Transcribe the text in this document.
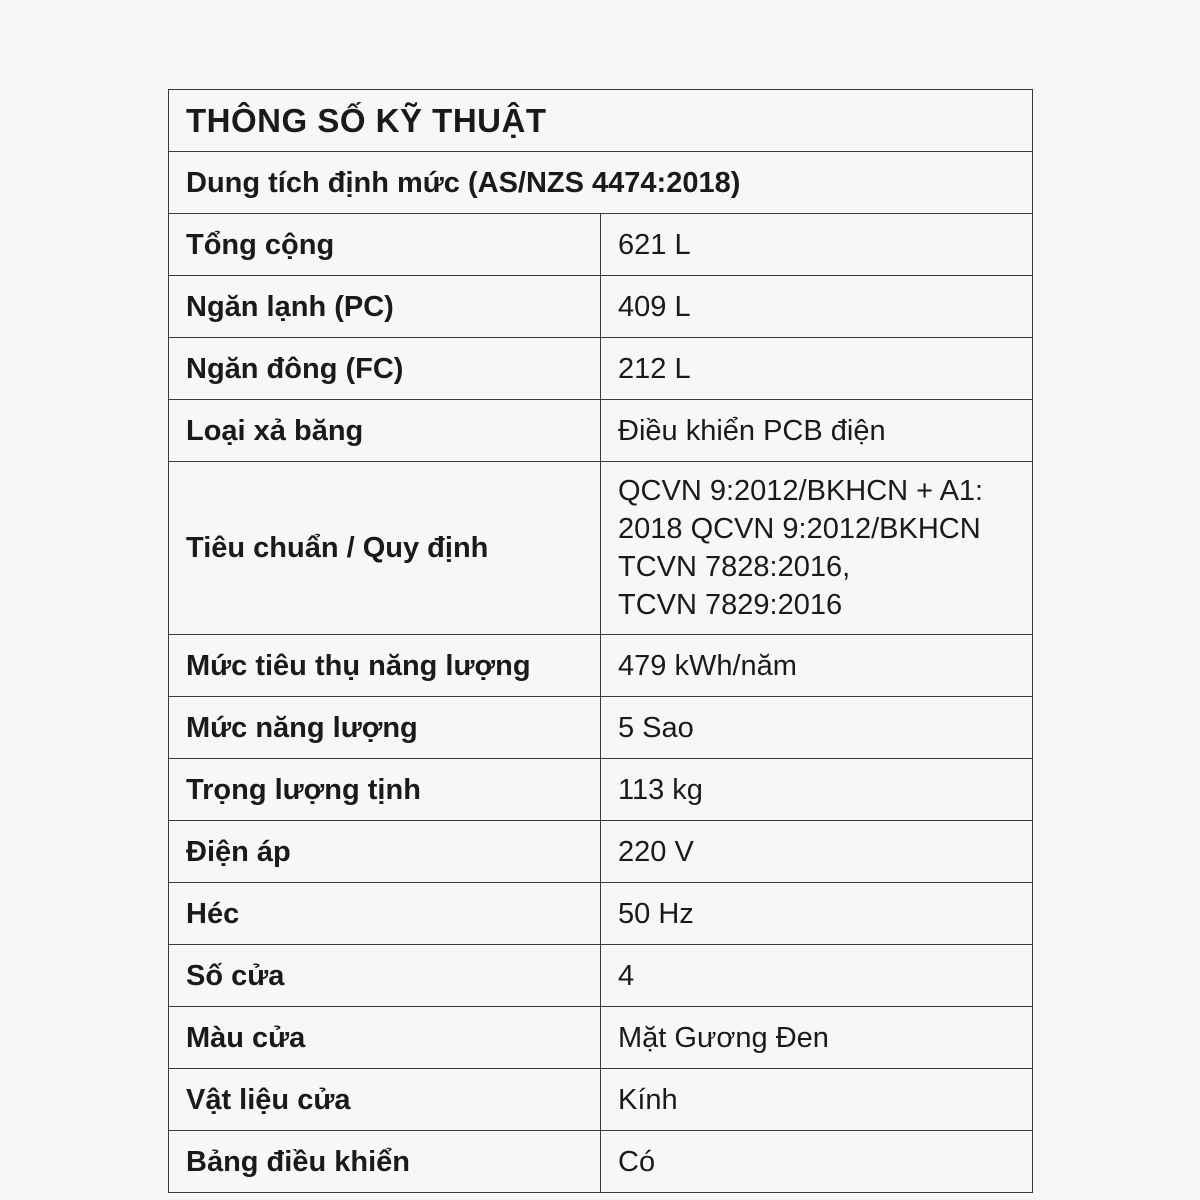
THÔNG SỐ KỸ THUẬT	
Dung tích định mức (AS/NZS 4474:2018)	
Tổng cộng	621 L
Ngăn lạnh (PC)	409 L
Ngăn đông (FC)	212 L
Loại xả băng	Điều khiển PCB điện
Tiêu chuẩn / Quy định	QCVN 9:2012/BKHCN + A1:
2018 QCVN 9:2012/BKHCN
TCVN 7828:2016,
TCVN 7829:2016

Mức tiêu thụ năng lượng	479 kWh/năm
Mức năng lượng	5 Sao
Trọng lượng tịnh	113 kg
Điện áp	220 V
Héc	50 Hz
Số cửa	4
Màu cửa	Mặt Gương Đen
Vật liệu cửa	Kính
Bảng điều khiển	Có
